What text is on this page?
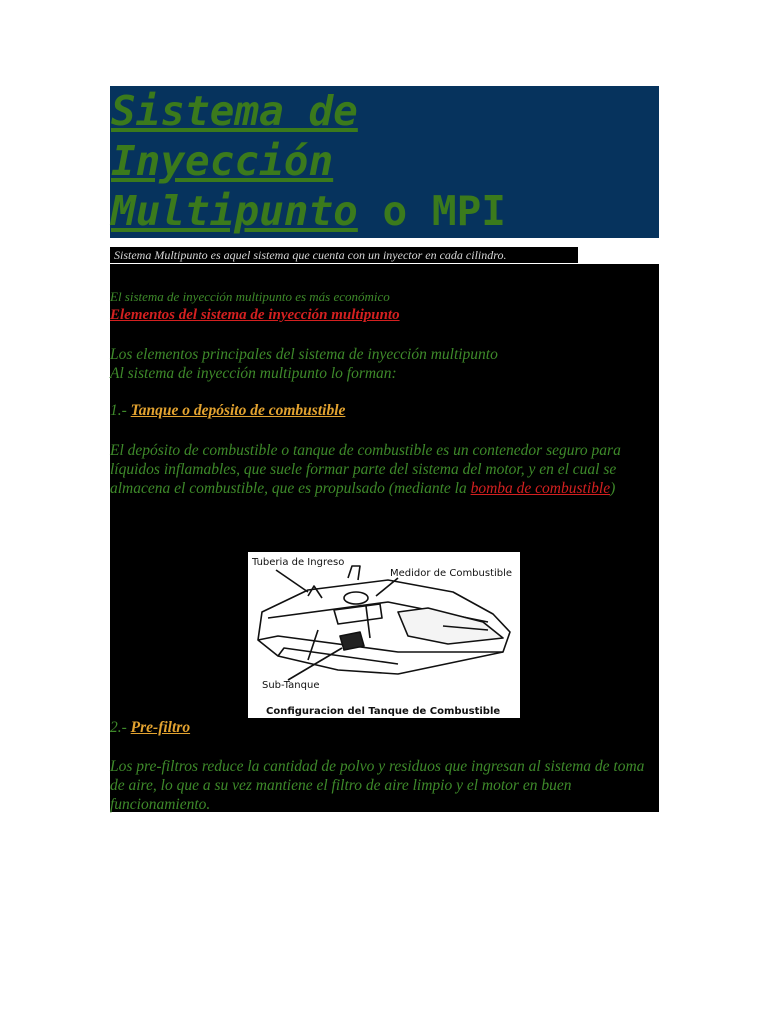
Sistema de
Inyección
Multipunto o MPI
Sistema Multipunto es aquel sistema que cuenta con un inyector en cada cilindro.
El sistema de inyección multipunto es más económico
Elementos del sistema de inyección multipunto
Los elementos principales del sistema de inyección multipunto
Al sistema de inyección multipunto lo forman:
1.- Tanque o depósito de combustible
El depósito de combustible o tanque de combustible es un contenedor seguro para líquidos inflamables, que suele formar parte del sistema del motor, y en el cual se almacena el combustible, que es propulsado (mediante la bomba de combustible)
Tuberia de Ingreso
Medidor de Combustible
Sub-Tanque
Configuracion del Tanque de Combustible
2.- Pre-filtro
Los pre-filtros reduce la cantidad de polvo y residuos que ingresan al sistema de toma de aire, lo que a su vez mantiene el filtro de aire limpio y el motor en buen funcionamiento.
